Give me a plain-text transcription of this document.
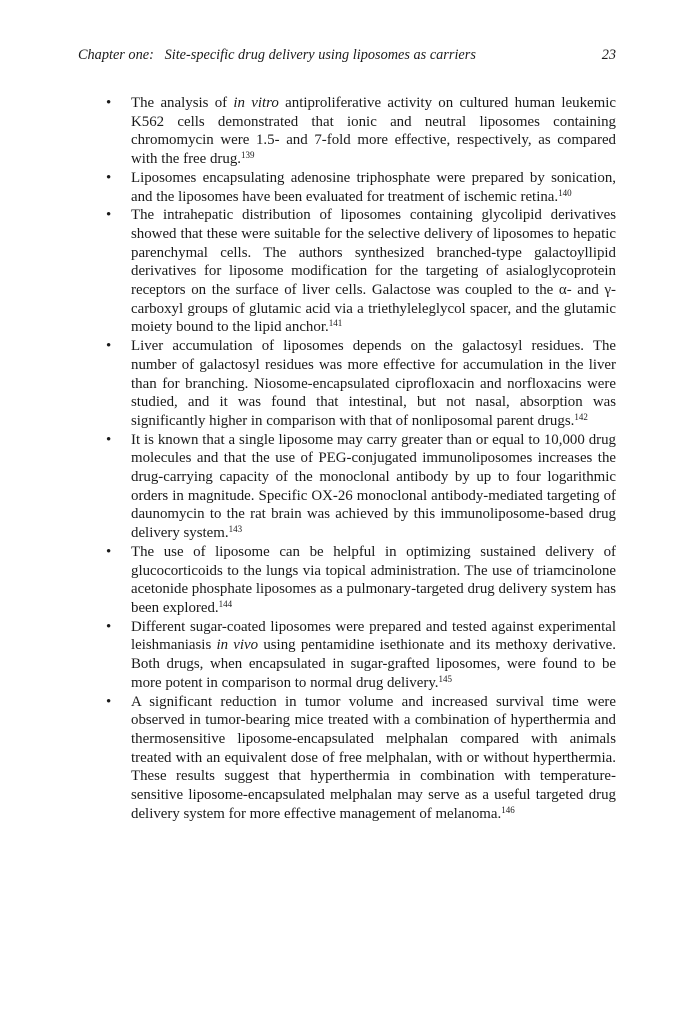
Chapter one: Site-specific drug delivery using liposomes as carriers	23
• The analysis of in vitro antiproliferative activity on cultured human leukemic K562 cells demonstrated that ionic and neutral liposomes containing chromomycin were 1.5- and 7-fold more effective, respectively, as compared with the free drug.$^{139}$
• Liposomes encapsulating adenosine triphosphate were prepared by sonication, and the liposomes have been evaluated for treatment of ischemic retina.$^{140}$
• The intrahepatic distribution of liposomes containing glycolipid derivatives showed that these were suitable for the selective delivery of liposomes to hepatic parenchymal cells. The authors synthesized branched-type galactoyllipid derivatives for liposome modification for the targeting of asialoglycoprotein receptors on the surface of liver cells. Galactose was coupled to the α- and γ-carboxyl groups of glutamic acid via a triethyleleglycol spacer, and the glutamic moiety bound to the lipid anchor.$^{141}$
• Liver accumulation of liposomes depends on the galactosyl residues. The number of galactosyl residues was more effective for accumulation in the liver than for branching. Niosome-encapsulated ciprofloxacin and norfloxacins were studied, and it was found that intestinal, but not nasal, absorption was significantly higher in comparison with that of nonliposomal parent drugs.$^{142}$
• It is known that a single liposome may carry greater than or equal to 10,000 drug molecules and that the use of PEG-conjugated immunoliposomes increases the drug-carrying capacity of the monoclonal antibody by up to four logarithmic orders in magnitude. Specific OX-26 monoclonal antibody-mediated targeting of daunomycin to the rat brain was achieved by this immunoliposome-based drug delivery system.$^{143}$
• The use of liposome can be helpful in optimizing sustained delivery of glucocorticoids to the lungs via topical administration. The use of triamcinolone acetonide phosphate liposomes as a pulmonary-targeted drug delivery system has been explored.$^{144}$
• Different sugar-coated liposomes were prepared and tested against experimental leishmaniasis in vivo using pentamidine isethionate and its methoxy derivative. Both drugs, when encapsulated in sugar-grafted liposomes, were found to be more potent in comparison to normal drug delivery.$^{145}$
• A significant reduction in tumor volume and increased survival time were observed in tumor-bearing mice treated with a combination of hyperthermia and thermosensitive liposome-encapsulated melphalan compared with animals treated with an equivalent dose of free melphalan, with or without hyperthermia. These results suggest that hyperthermia in combination with temperature-sensitive liposome-encapsulated melphalan may serve as a useful targeted drug delivery system for more effective management of melanoma.$^{146}$
